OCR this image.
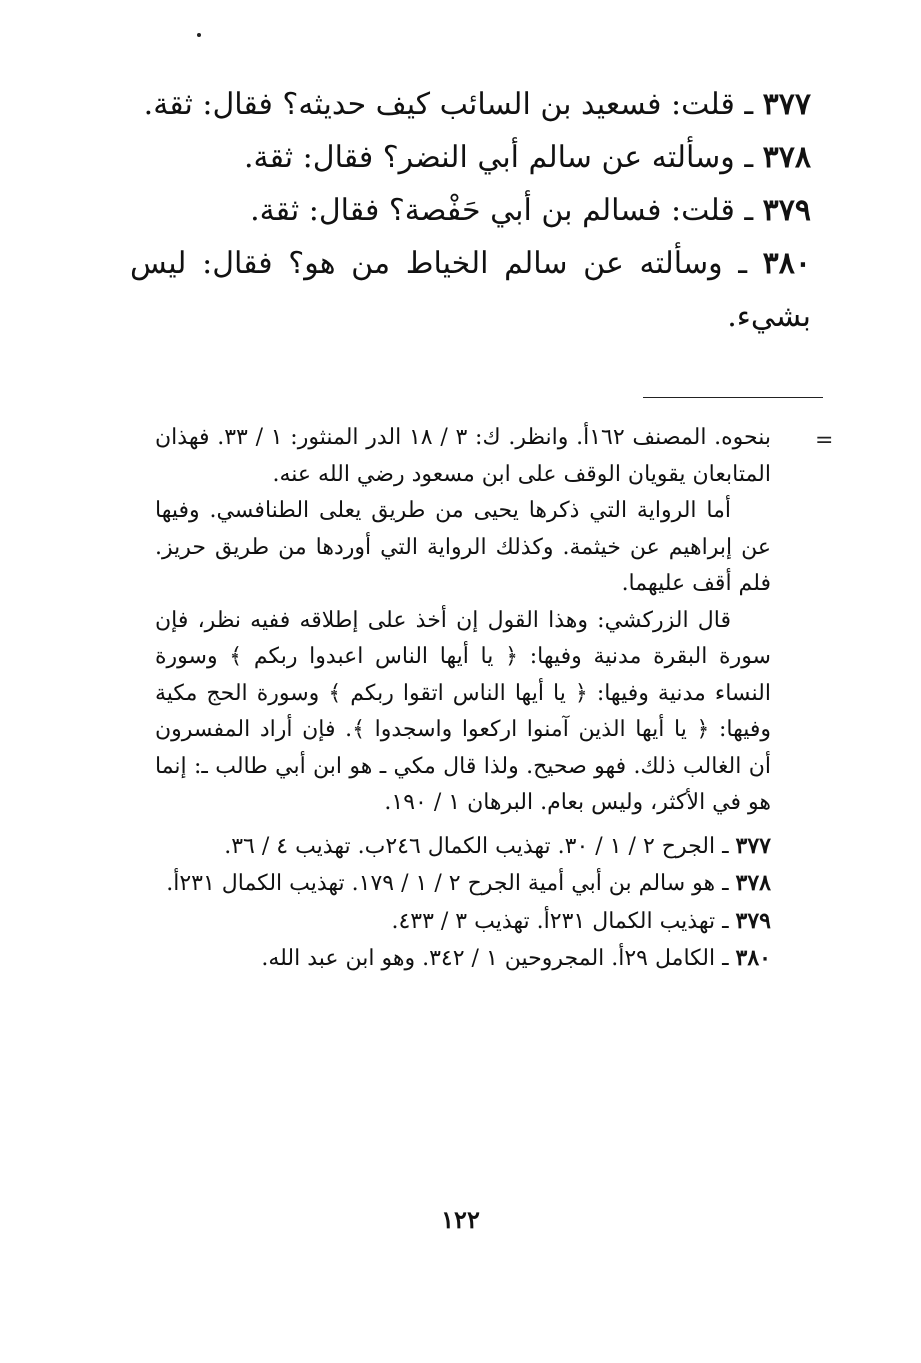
٣٧٧ ـ قلت: فسعيد بن السائب كيف حديثه؟ فقال: ثقة.

٣٧٨ ـ وسألته عن سالم أبي النضر؟ فقال: ثقة.

٣٧٩ ـ قلت: فسالم بن أبي حَفْصة؟ فقال: ثقة.

٣٨٠ ـ وسألته عن سالم الخياط من هو؟ فقال: ليس بشيء.

=

بنحوه. المصنف ١٦٢أ. وانظر. ك: ٣ / ١٨ الدر المنثور: ١ / ٣٣. فهذان المتابعان يقويان الوقف على ابن مسعود رضي الله عنه.

أما الرواية التي ذكرها يحيى من طريق يعلى الطنافسي. وفيها عن إبراهيم عن خيثمة. وكذلك الرواية التي أوردها من طريق حريز. فلم أقف عليهما.

قال الزركشي: وهذا القول إن أخذ على إطلاقه ففيه نظر، فإن سورة البقرة مدنية وفيها: ﴿ يا أيها الناس اعبدوا ربكم ﴾ وسورة النساء مدنية وفيها: ﴿ يا أيها الناس اتقوا ربكم ﴾ وسورة الحج مكية وفيها: ﴿ يا أيها الذين آمنوا اركعوا واسجدوا ﴾. فإن أراد المفسرون أن الغالب ذلك. فهو صحيح. ولذا قال مكي ـ هو ابن أبي طالب ـ: إنما هو في الأكثر، وليس بعام. البرهان ١ / ١٩٠.

٣٧٧ ـ الجرح ٢ / ١ / ٣٠. تهذيب الكمال ٢٤٦ب. تهذيب ٤ / ٣٦.

٣٧٨ ـ هو سالم بن أبي أمية الجرح ٢ / ١ / ١٧٩. تهذيب الكمال ٢٣١أ.

٣٧٩ ـ تهذيب الكمال ٢٣١أ. تهذيب ٣ / ٤٣٣.

٣٨٠ ـ الكامل ٢٩أ. المجروحين ١ / ٣٤٢. وهو ابن عبد الله.

١٢٢
